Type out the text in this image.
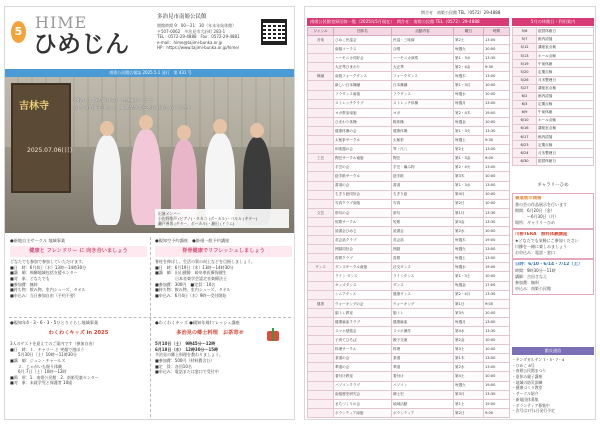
5 HIME
ひめじん
多治見市南姫公民館
開館時間 9：00〜21：30（年末年始休館）
〒507-0062　多治見市大針町 283-1
TEL：0572-29-4888　Fax：0572-29-4881
e-mail：hime@tajimi-bunka.or.jp
HP：https://www.tajimi-bunka.or.jp/hime/
南姫公民館広報誌 2025.5.1 発行　第 431 号
吉林寺
2025.07.06(日)
懐かしい歌が聴ける！ 皆さまの一コマ
日々の情報を正しく、素敵な演奏をぜひお楽しみください
出演メンバー
小佐野歌声 (ピアノ)・タカコ (ボーカル)・パルル (ギター)
瀬戸善男 (ギター、ボーカル)・瀬田 (ドラム)
●新地自主サークル 地域事業
健康と フレンドリー に 向き合いましょう

どなたでも参加で参加していただけます。

■日　時：6月4日（水）13時〜14時30分

■講　師：飛騨地域包括支援センター

■対　象：どなたでも

■参加費：無料

■持ち物：飲み物、室内シューズ、タオル

■申込み：当日参加自由（予約不要）

●親知空予約講座　●掛週一般予約講座
脊骨健康でリフレッシュしましょう

脊柱を伸ばし、生活の質の向上などを目指しましょう。

■日　時：6月19日（木）13時〜14時30分

■講　師：田山健勝　岐阜県医療保健生

　　　　　日本音楽学会認定音楽療法士

■参加費：300円　■定員：10名

■持ち物：飲み物、室内シューズ、タオル

■申込み：6月4日（水）9時〜受付開始

●親知年4・3・6・3・5ひとりぐらし地域事業
わくわくキッズ in 2025

3人のゲストを迎えてのご案内です（参加自由）

■日　時：１．チャリー と 笑顔で遊ぼう

　　5月30日（土）10時〜11時30分

■講　師：ジュン・チャールズ

　　２．じゃがいも掘り体験

　　6月 7日（土）10時〜12時

■場　所：1．南姫公民館　2．南姫児童センター

■対　象：未就学児と保護者 10組

●わくわくキッズ ●親知年週Ⅰフレッシュ講座
多治見の郷土料理　お茶寄せ

5月10日（土）　9時45分〜12時

6月18日（水）　12時30分〜15時

多治見の郷土料理を教わりましょう。

■参加費：500円（材料費含む）

■定　員：各回10名

■申込み：電話または窓口で受付中

問合せ　南姫公民館 TEL（0572）29-4888
南姫公民館登録団体一覧（2025年5月現在）　問合せ：南姫公民館 TEL（0572）29-4888
ジャンル	団体名	活動内容	曜日	時間
音楽	ひめこ民謡会	民謡・三味線	第2土	13:00
	南姫コーラス	合唱	毎週火	10:00
	ハーモニカ同好会	ハーモニカ演奏	第1・3水	13:30
	大正琴ひまわり	大正琴	第2・4金	9:30
舞踊	南姫フォークダンス	フォークダンス	毎週木	13:00
	新しい日本舞踊	日本舞踊	第1・3月	10:00
	フラダンス南姫	フラダンス	毎週水	10:00
	ストレッチクラブ	ストレッチ体操	毎週月	13:00
	ヨガ教室南姫	ヨガ	第2・4木	19:00
	ひまわり体操	軽体操	毎週金	10:00
	健康体操の会	健康体操	第1・3火	13:30
	太極拳サークル	太極拳	毎週土	9:30
	和楽器の会	琴・尺八	第2土	13:00
工芸	陶芸サークル南姫	陶芸	第1・3金	9:00
	手芸の会	手芸・編み物	第2・4火	13:00
	絵手紙サークル	絵手紙	第3木	10:00
	書道の会	書道	第1・3水	13:00
	ちぎり絵同好会	ちぎり絵	第4月	10:00
	写真クラブ南姫	写真	第2日	10:00
文芸	俳句の会	俳句	第1月	13:30
	短歌サークル	短歌	第3金	13:30
	読書会ひめじ	読書会	第2水	10:00
	英会話クラブ	英会話	毎週木	19:00
	囲碁同好会	囲碁	毎週火	13:00
	将棋クラブ	将棋	毎週土	13:00
ダンス	ダンスサークル南姫	社交ダンス	毎週水	19:00
	ライン ダンス	ラインダンス	第1・3土	10:00
	キッズダンス	ダンス	毎週金	17:00
	シニアダンス	健康ダンス	第2・4月	13:30
健康	ウォーキングの会	ウォーキング	第1日	9:00
	脳トレ教室	脳トレ	第3火	10:00
	健康麻雀クラブ	健康麻雀	毎週月	13:00
	スマホ勉強会	スマホ操作	第4水	13:30
	子育てひろば	親子交流	第2金	10:00
	料理サークル	料理	第3土	10:00
	茶道の会	茶道	第1木	13:00
	華道の会	華道	第2水	13:00
	着付け教室	着付け	第4土	10:00
	パソコンクラブ	パソコン	毎週火	19:00
	南姫歴史研究会	郷土史	第3月	13:30
	まちづくりの会	地域活動	第1土	19:00
	ボランティア南姫	ボランティア	第2日	9:00
5月の休館日・利用案内
5/6	振替休館日
5/7	館内清掃
5/12	講座室点検
5/13	ホール点検
5/19	午前休館
5/20	定期点検
5/26	月末整理日
5/27	講座室点検
6/2	館内清掃
6/3	定期点検
6/9	午前休館
6/10	ホール点検
6/16	講座室点検
6/17	館内清掃
6/23	定期点検
6/24	月末整理日
6/30	振替休館日
ギャラリーひめ

書道展示開催

書の会の作品展示を行います

期間：6月20日（金）

　　　〜6月30日（月）

場所：ギャラリーひめ

川柳TERA　無料体験講座

★どなたでも気軽にご参加ください

川柳を一緒に楽しみましょう

お申込み：電話・窓口

日時：6/10・6/14・7/12（土）

時間：9時30分〜11時

講師：吉田さなえ

参加費：無料

申込み：南姫公民館

館長通信

・キンダガルテン 7・3・7・4

・ひめこ 8号

・南姫公民館まつり

・夏休み親子講座

・地域の防災訓練

・健康づくり教室

・サークル紹介

・新規団体募集

・ボランティア募集中

・次号は7月1日発行予定
